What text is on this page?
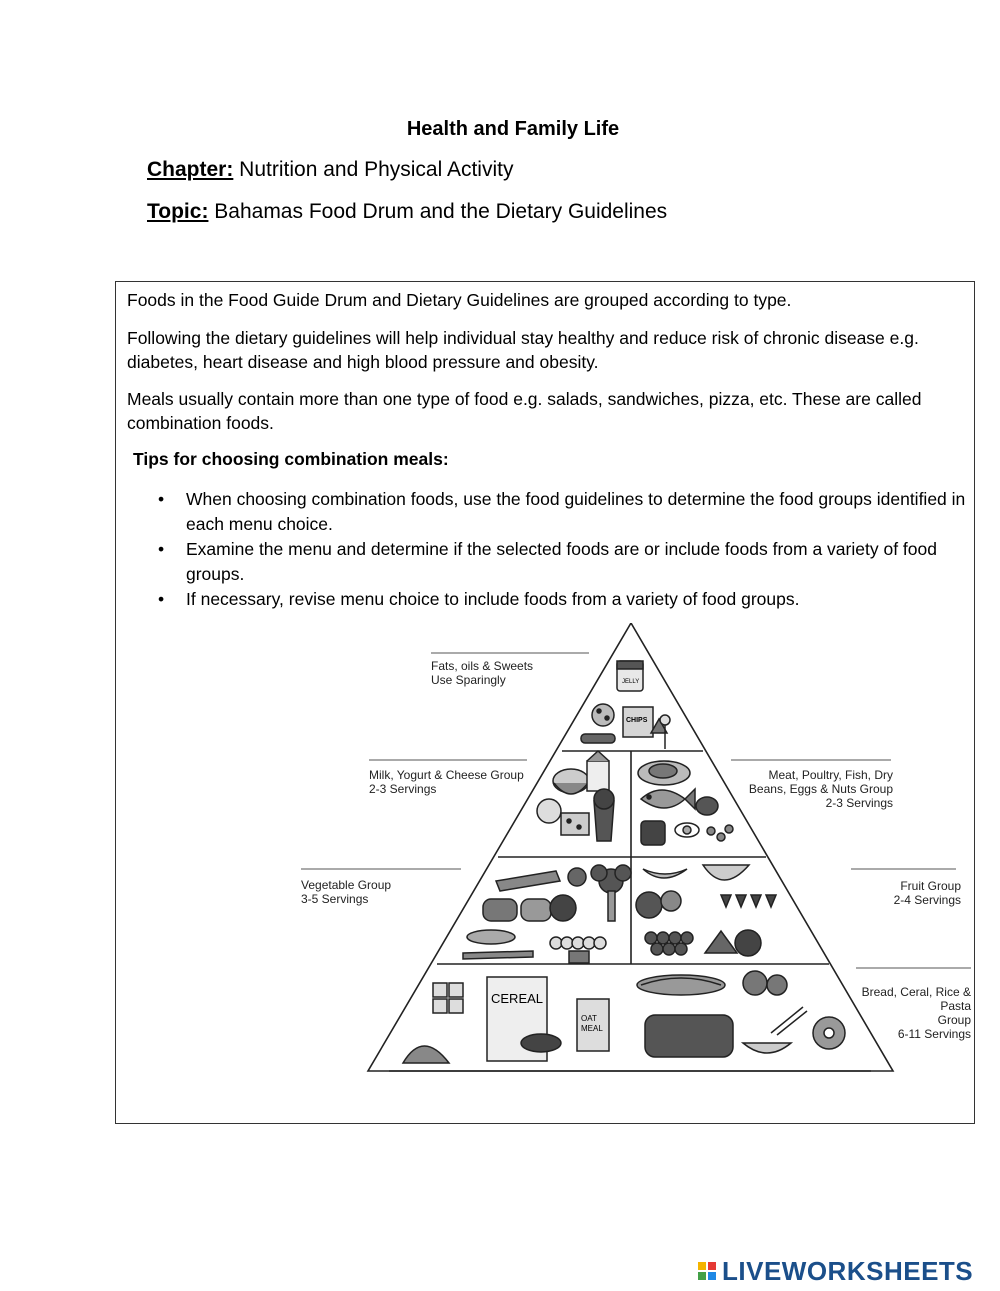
Health and Family Life
Chapter: Nutrition and Physical Activity
Topic: Bahamas Food Drum and the Dietary Guidelines
Foods in the Food Guide Drum and Dietary Guidelines are grouped according to type.
Following the dietary guidelines will help individual stay healthy and reduce risk of chronic disease e.g. diabetes, heart disease and high blood pressure and obesity.
Meals usually contain more than one type of food e.g. salads, sandwiches, pizza, etc. These are called combination foods.
Tips for choosing combination meals:
• When choosing combination foods, use the food guidelines to determine the food groups identified in each menu choice.
• Examine the menu and determine if the selected foods are or include foods from a variety of food groups.
• If necessary, revise menu choice to include foods from a variety of food groups.
JELLY
CHIPS
CEREAL
OAT
MEAL
Fats, oils & Sweets
Use Sparingly
Milk, Yogurt & Cheese Group
2-3 Servings
Meat, Poultry, Fish, Dry
Beans, Eggs & Nuts Group
2-3 Servings
Vegetable Group
3-5 Servings
Fruit Group
2-4 Servings
Bread, Ceral, Rice & Pasta
Group
6-11 Servings
LIVEWORKSHEETS
